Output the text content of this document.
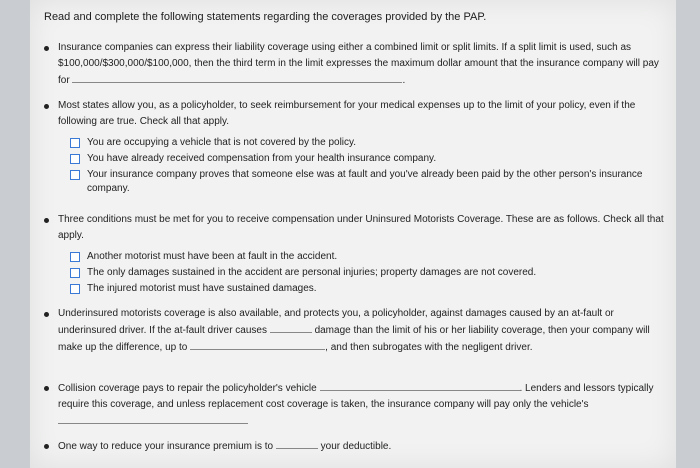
Read and complete the following statements regarding the coverages provided by the PAP.
Insurance companies can express their liability coverage using either a combined limit or split limits. If a split limit is used, such as $100,000/$300,000/$100,000, then the third term in the limit expresses the maximum dollar amount that the insurance company will pay for	.
Most states allow you, as a policyholder, to seek reimbursement for your medical expenses up to the limit of your policy, even if the following are true. Check all that apply.
You are occupying a vehicle that is not covered by the policy.
You have already received compensation from your health insurance company.
Your insurance company proves that someone else was at fault and you've already been paid by the other person's insurance company.
Three conditions must be met for you to receive compensation under Uninsured Motorists Coverage. These are as follows. Check all that apply.
Another motorist must have been at fault in the accident.
The only damages sustained in the accident are personal injuries; property damages are not covered.
The injured motorist must have sustained damages.
Underinsured motorists coverage is also available, and protects you, a policyholder, against damages caused by an at-fault or underinsured driver. If the at-fault driver causes	damage than the limit of his or her liability coverage, then your company will make up the difference, up to	, and then subrogates with the negligent driver.
Collision coverage pays to repair the policyholder's vehicle	. Lenders and lessors typically require this coverage, and unless replacement cost coverage is taken, the insurance company will pay only the vehicle's
One way to reduce your insurance premium is to	your deductible.
